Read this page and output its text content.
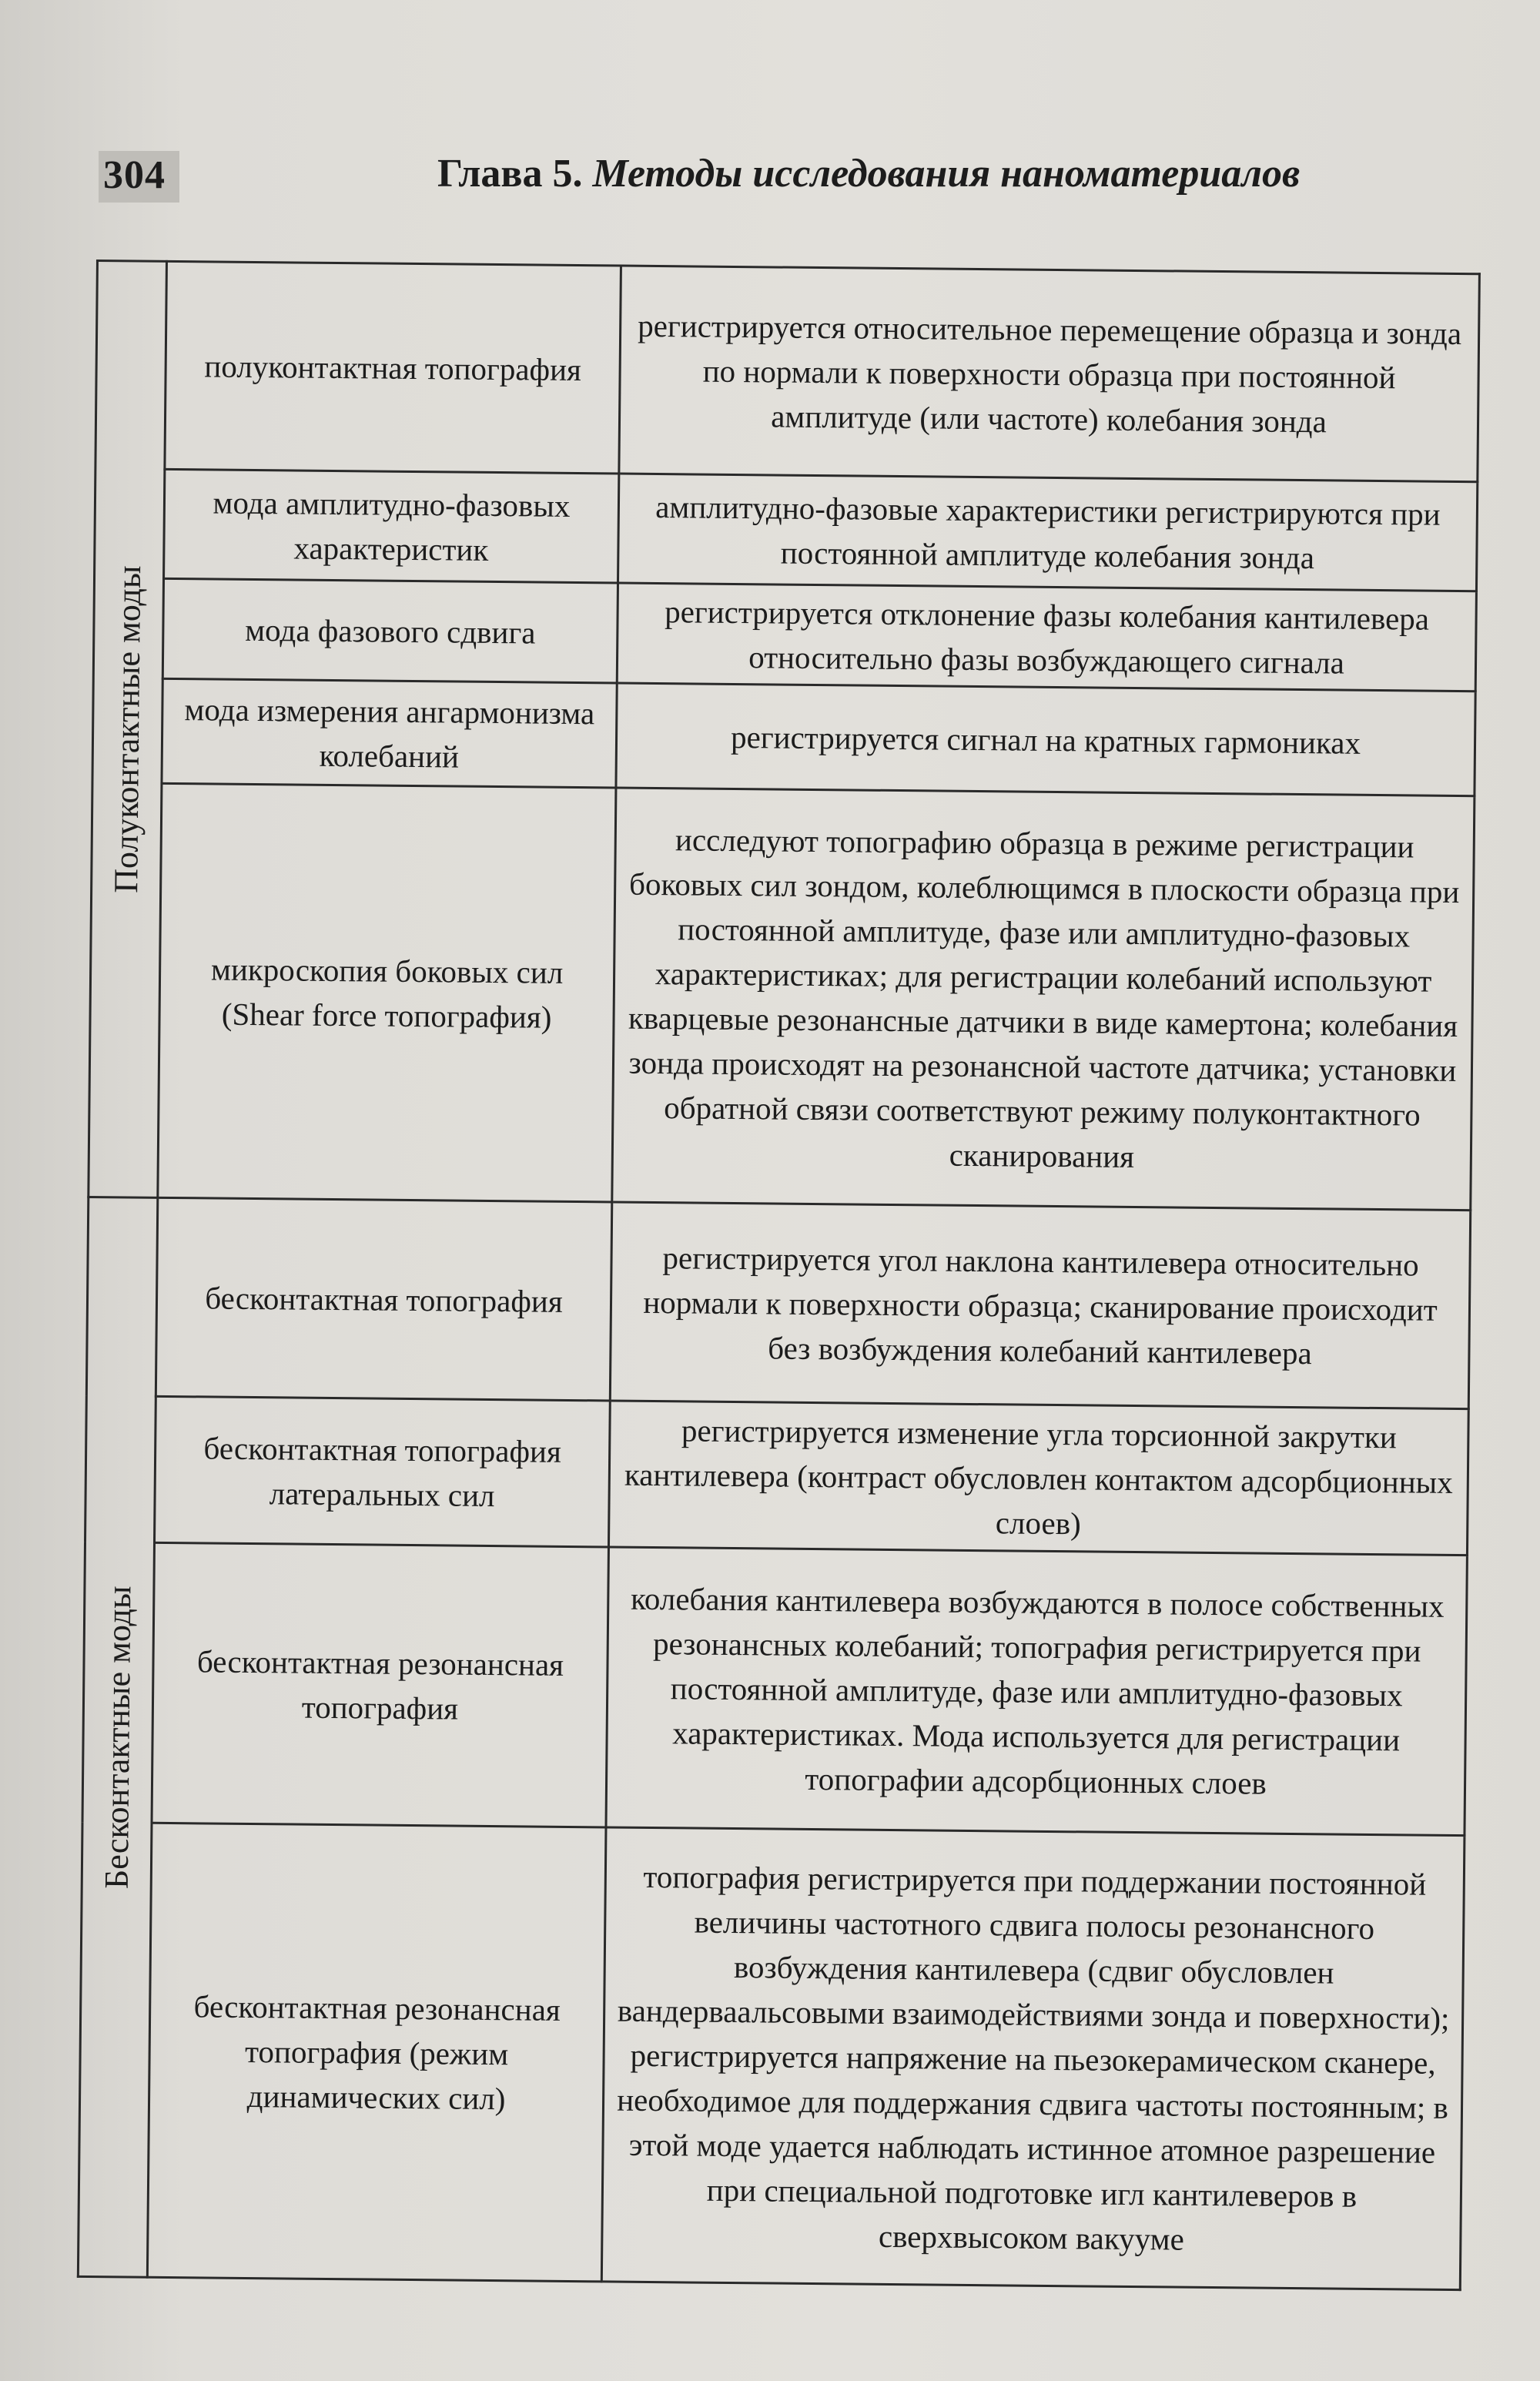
304	Глава 5. Методы исследования наноматериалов
Полуконтактные моды	полуконтактная топография	регистрируется относительное перемещение образца и зонда по нормали к поверхности образца при постоянной амплитуде (или частоте) колебания зонда
	мода амплитудно-фазовых характеристик	амплитудно-фазовые характеристики регистрируются при постоянной амплитуде колебания зонда
	мода фазового сдвига	регистрируется отклонение фазы колебания кантилевера относительно фазы возбуждающего сигнала
	мода измерения ангармонизма колебаний	регистрируется сигнал на кратных гармониках
	микроскопия боковых сил (Shear force топография)	исследуют топографию образца в режиме регистрации боковых сил зондом, колеблющимся в плоскости образца при постоянной амплитуде, фазе или амплитудно-фазовых характеристиках; для регистрации колебаний используют кварцевые резонансные датчики в виде камертона; колебания зонда происходят на резонансной частоте датчика; установки обратной связи соответствуют режиму полуконтактного сканирования

Бесконтактные моды	бесконтактная топография	регистрируется угол наклона кантилевера относительно нормали к поверхности образца; сканирование происходит без возбуждения колебаний кантилевера
	бесконтактная топография латеральных сил	регистрируется изменение угла торсионной закрутки кантилевера (контраст обусловлен контактом адсорбционных слоев)
	бесконтактная резонансная топография	колебания кантилевера возбуждаются в полосе собственных резонансных колебаний; топография регистрируется при постоянной амплитуде, фазе или амплитудно-фазовых характеристиках. Мода используется для регистрации топографии адсорбционных слоев
	бесконтактная резонансная топография (режим динамических сил)	топография регистрируется при поддержании постоянной величины частотного сдвига полосы резонансного возбуждения кантилевера (сдвиг обусловлен вандерваальсовыми взаимодействиями зонда и поверхности); регистрируется напряжение на пьезокерамическом сканере, необходимое для поддержания сдвига частоты постоянным; в этой моде удается наблюдать истинное атомное разрешение при специальной подготовке игл кантилеверов в сверхвысоком вакууме
